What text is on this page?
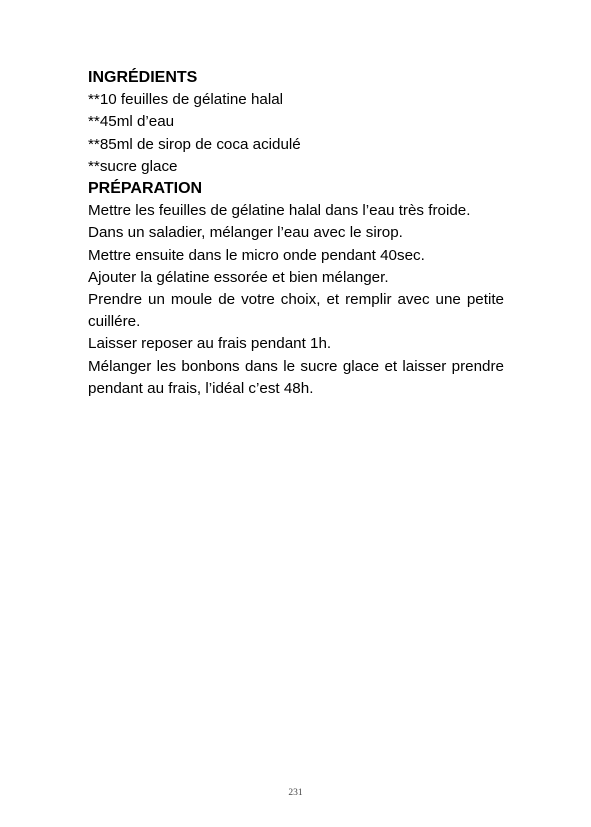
INGRÉDIENTS
**10 feuilles de gélatine halal
**45ml d’eau
**85ml de sirop de coca acidulé
**sucre glace
PRÉPARATION
Mettre les feuilles de gélatine halal dans l’eau très froide.
Dans un saladier, mélanger l’eau avec le sirop.
Mettre ensuite dans le micro onde pendant 40sec.
Ajouter la gélatine essorée et bien mélanger.
Prendre un moule de votre choix, et remplir avec une petite cuillére.
Laisser reposer au frais pendant 1h.
Mélanger les bonbons dans le sucre glace et laisser prendre pendant au frais, l’idéal c’est 48h.
231
